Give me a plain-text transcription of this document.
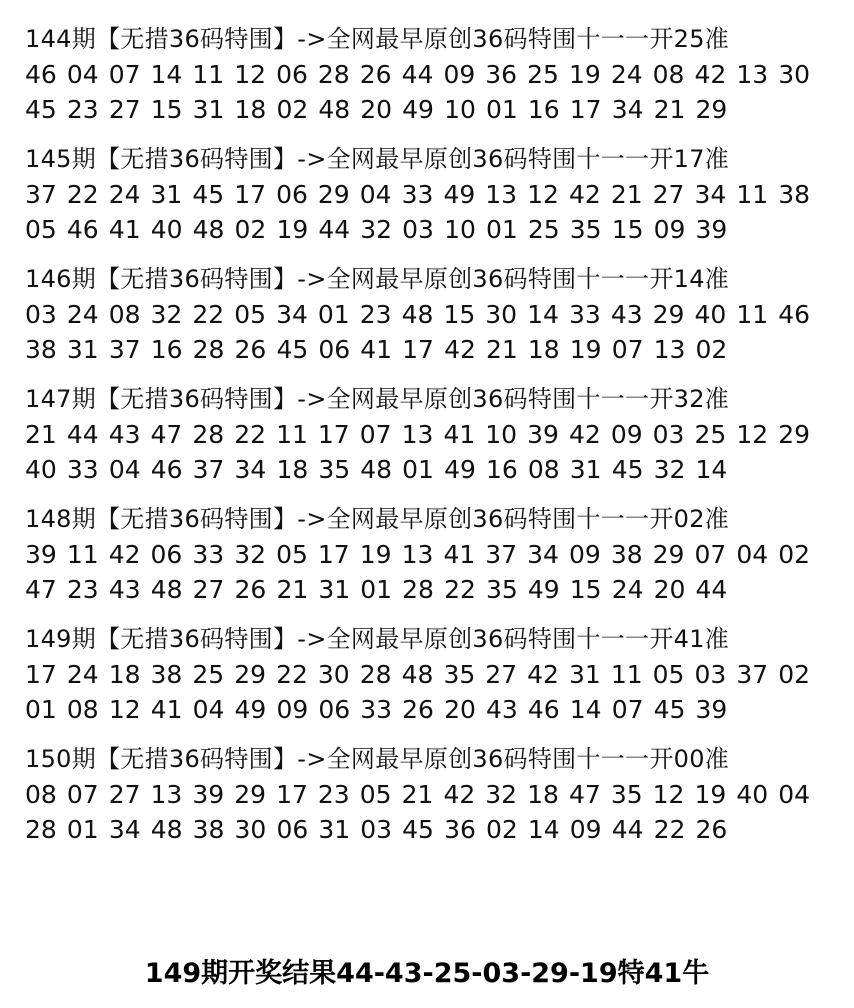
144期【无措36码特围】->全网最早原创36码特围十一一开25准
46 04 07 14 11 12 06 28 26 44 09 36 25 19 24 08 42 13 30
45 23 27 15 31 18 02 48 20 49 10 01 16 17 34 21 29
145期【无措36码特围】->全网最早原创36码特围十一一开17准
37 22 24 31 45 17 06 29 04 33 49 13 12 42 21 27 34 11 38
05 46 41 40 48 02 19 44 32 03 10 01 25 35 15 09 39
146期【无措36码特围】->全网最早原创36码特围十一一开14准
03 24 08 32 22 05 34 01 23 48 15 30 14 33 43 29 40 11 46
38 31 37 16 28 26 45 06 41 17 42 21 18 19 07 13 02
147期【无措36码特围】->全网最早原创36码特围十一一开32准
21 44 43 47 28 22 11 17 07 13 41 10 39 42 09 03 25 12 29
40 33 04 46 37 34 18 35 48 01 49 16 08 31 45 32 14
148期【无措36码特围】->全网最早原创36码特围十一一开02准
39 11 42 06 33 32 05 17 19 13 41 37 34 09 38 29 07 04 02
47 23 43 48 27 26 21 31 01 28 22 35 49 15 24 20 44
149期【无措36码特围】->全网最早原创36码特围十一一开41准
17 24 18 38 25 29 22 30 28 48 35 27 42 31 11 05 03 37 02
01 08 12 41 04 49 09 06 33 26 20 43 46 14 07 45 39
150期【无措36码特围】->全网最早原创36码特围十一一开00准
08 07 27 13 39 29 17 23 05 21 42 32 18 47 35 12 19 40 04
28 01 34 48 38 30 06 31 03 45 36 02 14 09 44 22 26
149期开奖结果44-43-25-03-29-19特41牛
